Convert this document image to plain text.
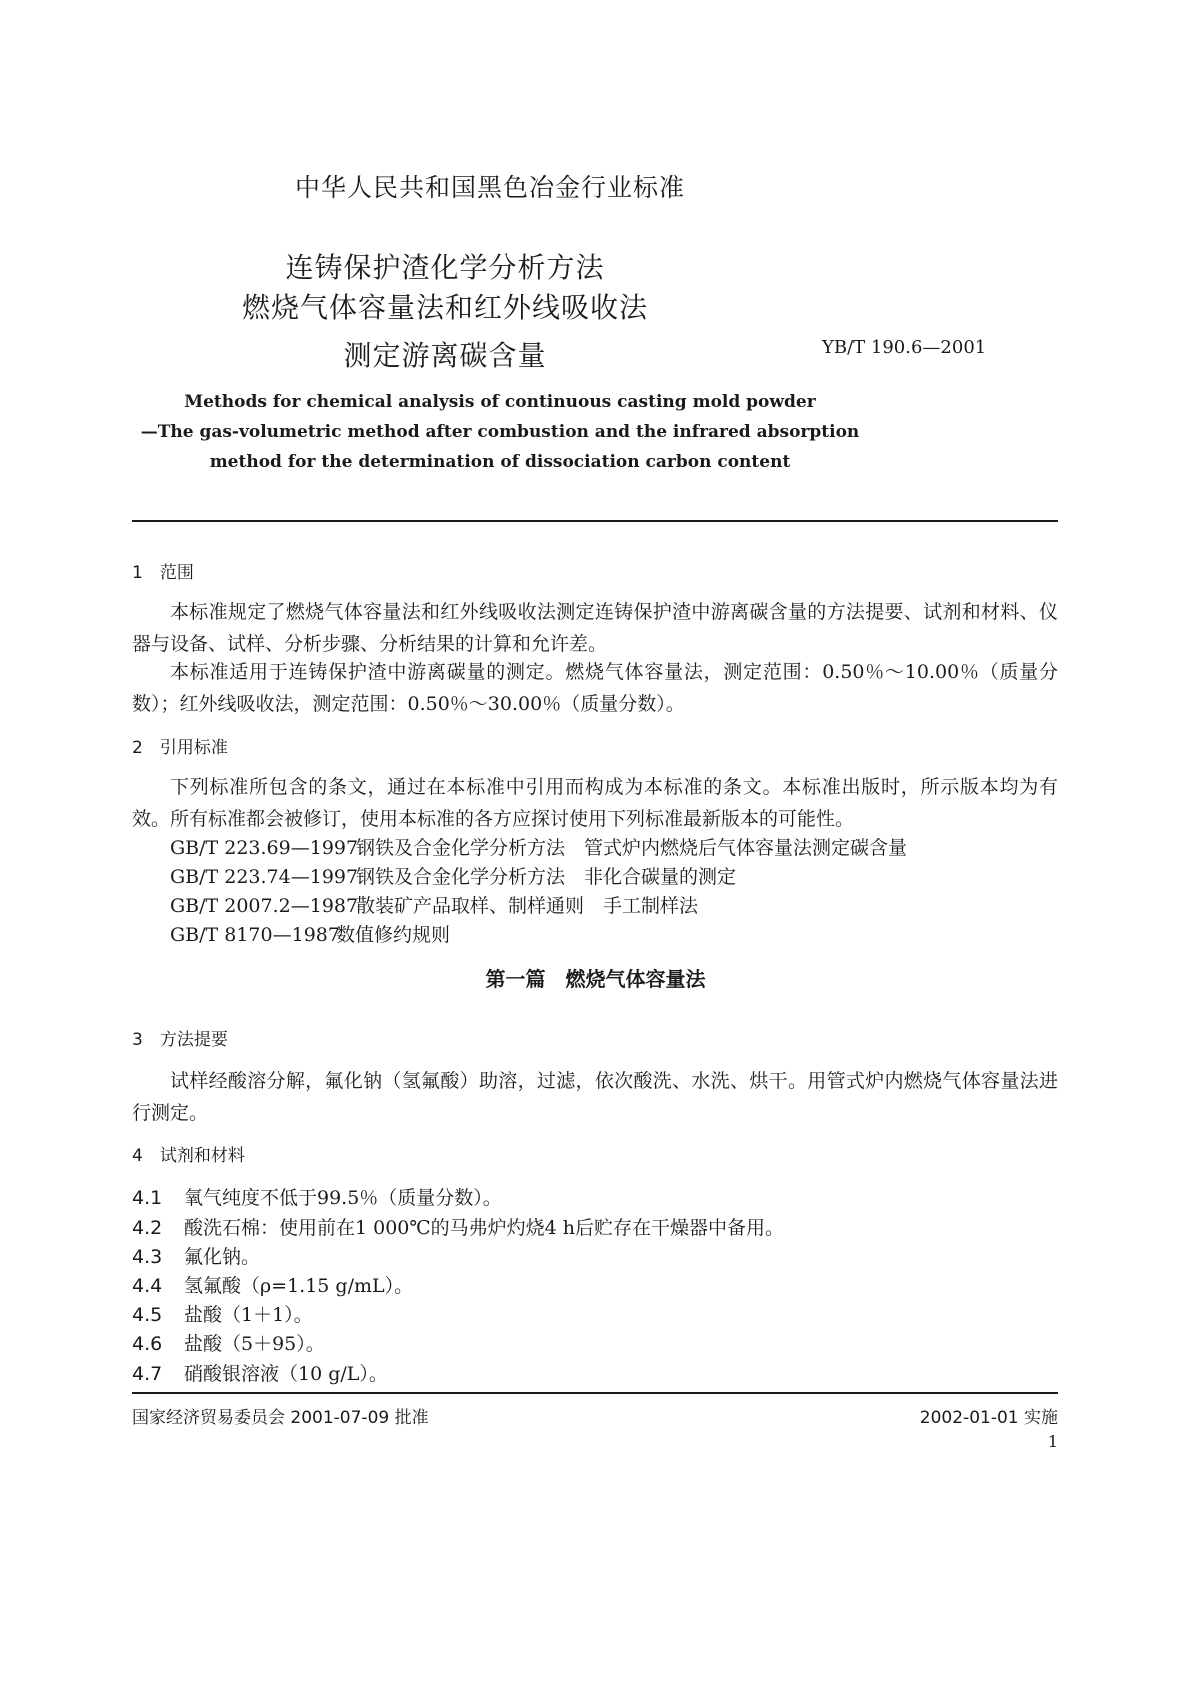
中华人民共和国黑色冶金行业标准
连铸保护渣化学分析方法
燃烧气体容量法和红外线吸收法
测定游离碳含量	YB/T 190.6—2001
Methods for chemical analysis of continuous casting mold powder
—The gas-volumetric method after combustion and the infrared absorption
method for the determination of dissociation carbon content
1　范围
本标准规定了燃烧气体容量法和红外线吸收法测定连铸保护渣中游离碳含量的方法提要、试剂和材料、仪器与设备、试样、分析步骤、分析结果的计算和允许差。
本标准适用于连铸保护渣中游离碳量的测定。燃烧气体容量法，测定范围：0.50％～10.00％（质量分数）；红外线吸收法，测定范围：0.50％～30.00％（质量分数）。
2　引用标准
下列标准所包含的条文，通过在本标准中引用而构成为本标准的条文。本标准出版时，所示版本均为有效。所有标准都会被修订，使用本标准的各方应探讨使用下列标准最新版本的可能性。
GB/T 223.69—1997钢铁及合金化学分析方法　管式炉内燃烧后气体容量法测定碳含量
GB/T 223.74—1997钢铁及合金化学分析方法　非化合碳量的测定
GB/T 2007.2—1987散装矿产品取样、制样通则　手工制样法
GB/T 8170—1987数值修约规则
第一篇　燃烧气体容量法
3　方法提要
试样经酸溶分解，氟化钠（氢氟酸）助溶，过滤，依次酸洗、水洗、烘干。用管式炉内燃烧气体容量法进行测定。
4　试剂和材料
4.1 氧气纯度不低于99.5％（质量分数）。
4.2 酸洗石棉：使用前在1 000℃的马弗炉灼烧4 h后贮存在干燥器中备用。
4.3 氟化钠。
4.4 氢氟酸（ρ=1.15 g/mL）。
4.5 盐酸（1＋1）。
4.6 盐酸（5＋95）。
4.7 硝酸银溶液（10 g/L）。
国家经济贸易委员会 2001-07-09 批准	2002-01-01 实施
1
